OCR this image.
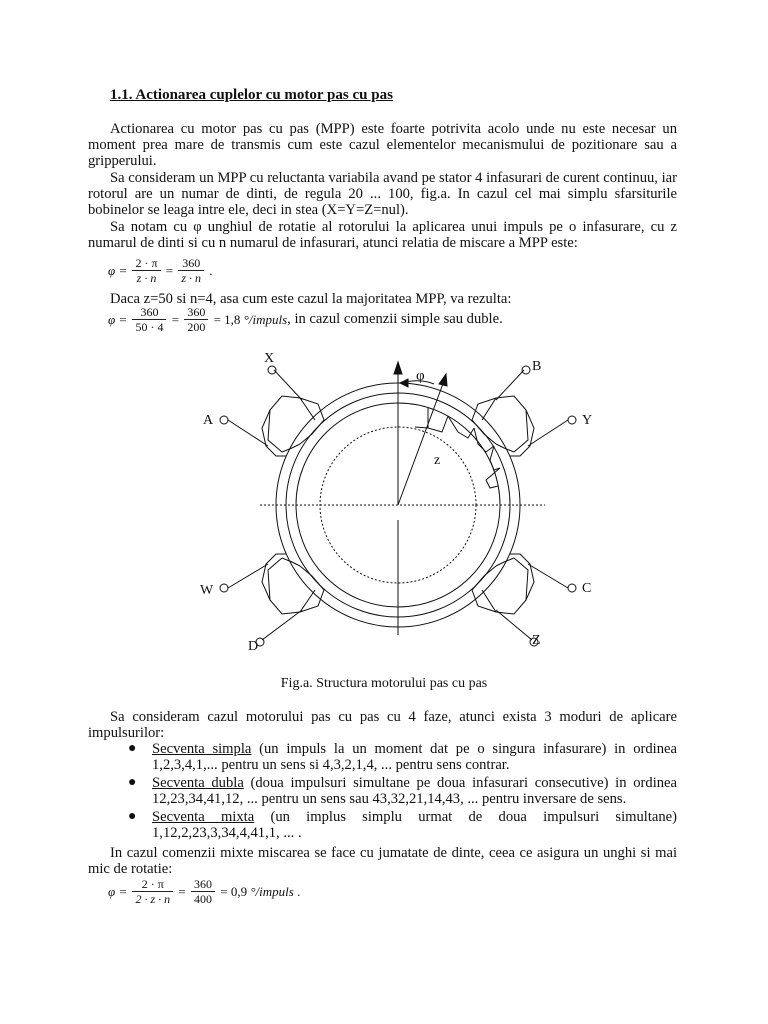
1.1. Actionarea cuplelor cu motor pas cu pas

Actionarea cu motor pas cu pas (MPP) este foarte potrivita acolo unde nu este necesar un moment prea mare de transmis cum este cazul elementelor mecanismului de pozitionare sau a gripperului.

Sa consideram un MPP cu reluctanta variabila avand pe stator 4 infasurari de curent continuu, iar rotorul are un numar de dinti, de regula 20 ... 100, fig.a. In cazul cel mai simplu sfarsiturile bobinelor se leaga intre ele, deci in stea (X=Y=Z=nul).

Sa notam cu φ unghiul de rotatie al rotorului la aplicarea unui impuls pe o infasurare, cu z numarul de dinti si cu n numarul de infasurari, atunci relatia de miscare a MPP este:

$\varphi = \frac{2 \cdot \pi}{z \cdot n} = \frac{360}{z \cdot n}$ .

Daca z=50 si n=4, asa cum este cazul la majoritatea MPP, va rezulta:

$\varphi = \frac{360}{50 \cdot 4} = \frac{360}{200} = 1,8$ °/impuls, in cazul comenzii simple sau duble.
X
B
A	Y
W	C
D	Z
φ
z
Fig.a. Structura motorului pas cu pas

Sa consideram cazul motorului pas cu pas cu 4 faze, atunci exista 3 moduri de aplicare impulsurilor:

● Secventa simpla (un impuls la un moment dat pe o singura infasurare) in ordinea 1,2,3,4,1,... pentru un sens si 4,3,2,1,4, ... pentru sens contrar.
● Secventa dubla (doua impulsuri simultane pe doua infasurari consecutive) in ordinea 12,23,34,41,12, ... pentru un sens sau 43,32,21,14,43, ... pentru inversare de sens.
● Secventa mixta (un implus simplu urmat de doua impulsuri simultane) 1,12,2,23,3,34,4,41,1, ... .

In cazul comenzii mixte miscarea se face cu jumatate de dinte, ceea ce asigura un unghi si mai mic de rotatie:

$\varphi = \frac{2 \cdot \pi}{2 \cdot z \cdot n} = \frac{360}{400} = 0,9$ °/impuls .
